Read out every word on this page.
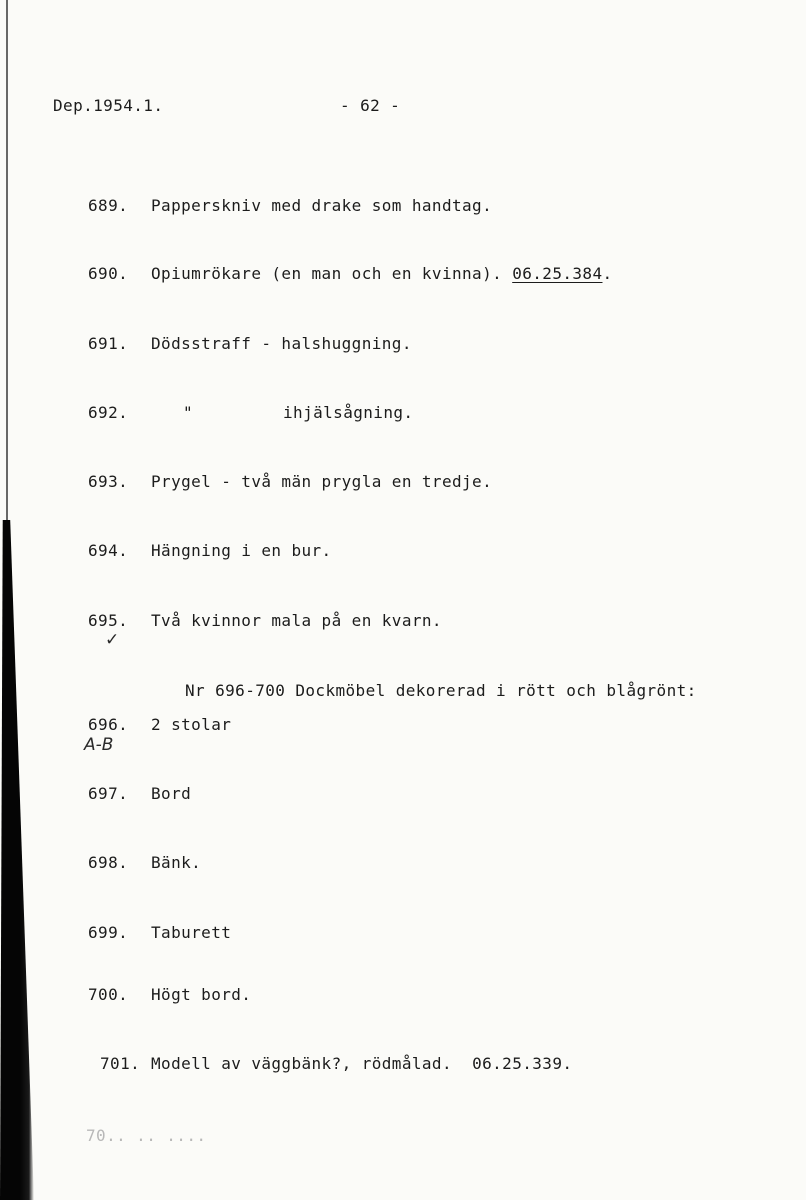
Dep.1954.1.	- 62 -
689. Papperskniv med drake som handtag.
690. Opiumrökare (en man och en kvinna). 06.25.384.
691. Dödsstraff - halshuggning.
692.	"	ihjälsågning.
693. Prygel - två män prygla en tredje.
694. Hängning i en bur.
695. Två kvinnor mala på en kvarn.
✓
Nr 696-700 Dockmöbel dekorerad i rött och blågrönt:
696. 2 stolar
A-B
697. Bord
698. Bänk.
699. Taburett
700. Högt bord.
701. Modell av väggbänk?, rödmålad. 06.25.339.
70.. .. ....
